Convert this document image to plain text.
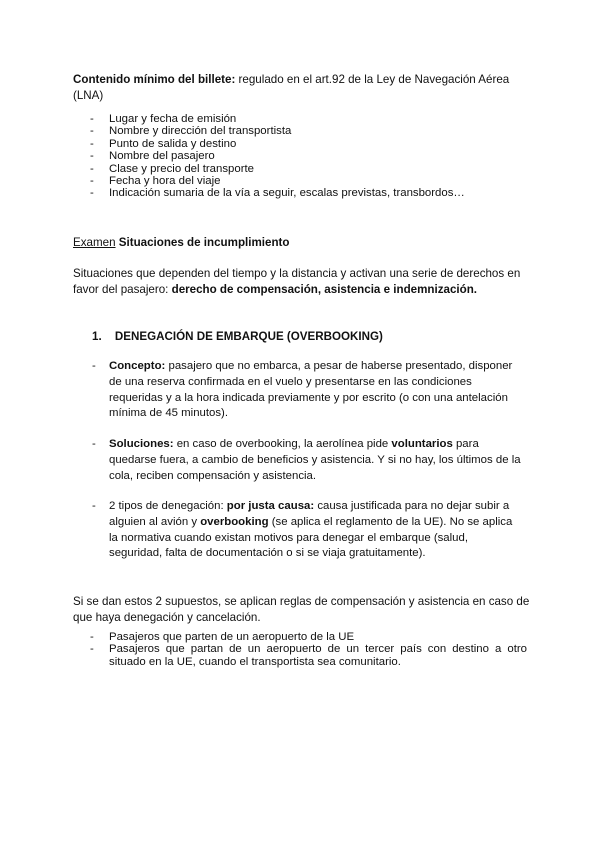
Contenido mínimo del billete: regulado en el art.92 de la Ley de Navegación Aérea (LNA)

- Lugar y fecha de emisión
- Nombre y dirección del transportista
- Punto de salida y destino
- Nombre del pasajero
- Clase y precio del transporte
- Fecha y hora del viaje
- Indicación sumaria de la vía a seguir, escalas previstas, transbordos…

Examen Situaciones de incumplimiento

Situaciones que dependen del tiempo y la distancia y activan una serie de derechos en favor del pasajero: derecho de compensación, asistencia e indemnización.

1. DENEGACIÓN DE EMBARQUE (OVERBOOKING)
- Concepto: pasajero que no embarca, a pesar de haberse presentado, disponer de una reserva confirmada en el vuelo y presentarse en las condiciones requeridas y a la hora indicada previamente y por escrito (o con una antelación mínima de 45 minutos).
- Soluciones: en caso de overbooking, la aerolínea pide voluntarios para quedarse fuera, a cambio de beneficios y asistencia. Y si no hay, los últimos de la cola, reciben compensación y asistencia.
- 2 tipos de denegación: por justa causa: causa justificada para no dejar subir a alguien al avión y overbooking (se aplica el reglamento de la UE). No se aplica la normativa cuando existan motivos para denegar el embarque (salud, seguridad, falta de documentación o si se viaja gratuitamente).

Si se dan estos 2 supuestos, se aplican reglas de compensación y asistencia en caso de que haya denegación y cancelación.

- Pasajeros que parten de un aeropuerto de la UE
- Pasajeros que partan de un aeropuerto de un tercer país con destino a otro situado en la UE, cuando el transportista sea comunitario.
